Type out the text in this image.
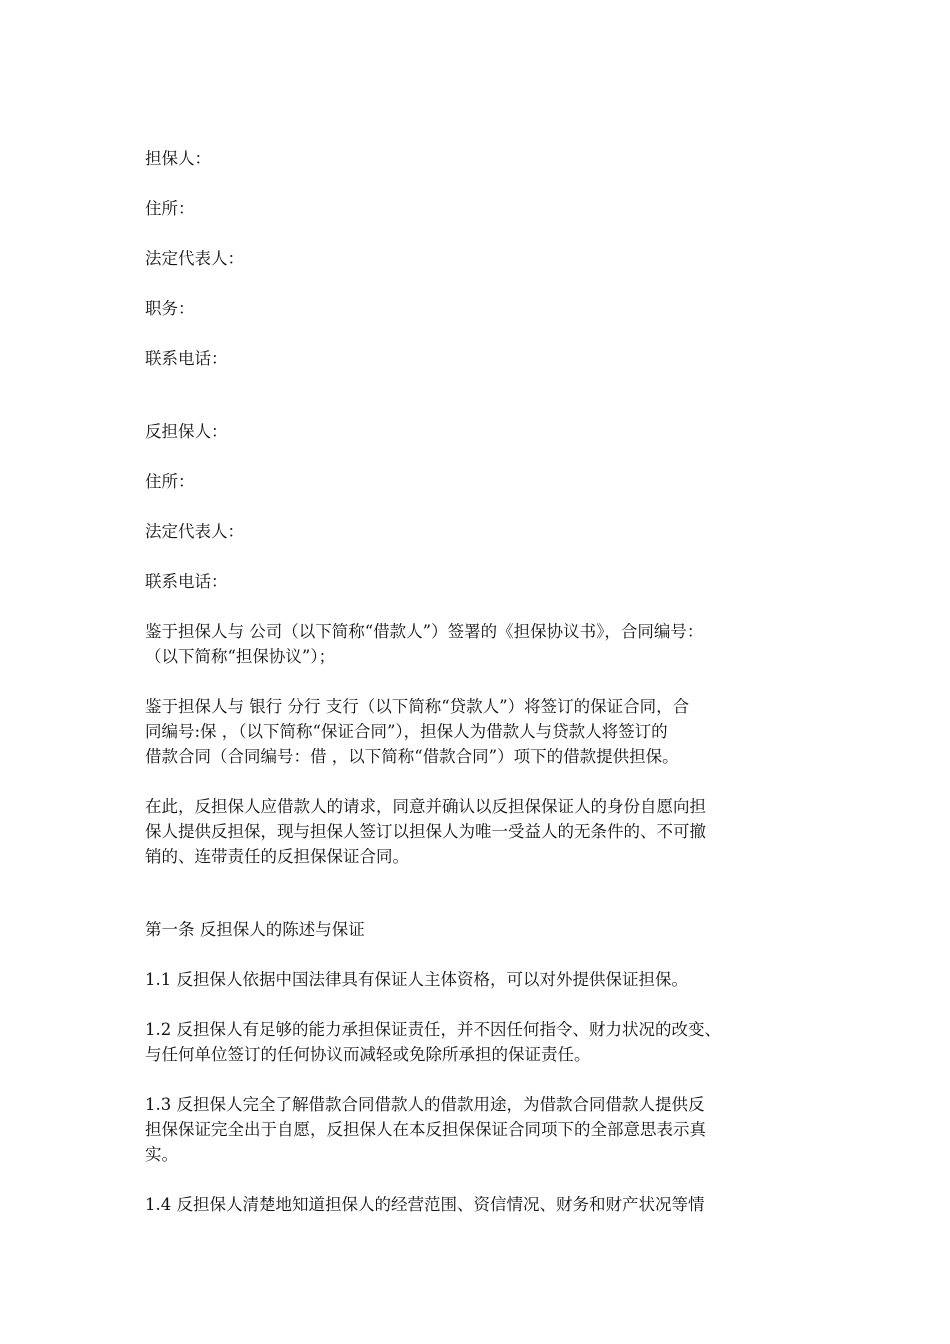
担保人：

住所：

法定代表人：

职务：

联系电话：

反担保人：

住所：

法定代表人：

联系电话：

鉴于担保人与 公司（以下简称“借款人”）签署的《担保协议书》，合同编号：
（以下简称“担保协议”）；
鉴于担保人与 银行 分行 支行（以下简称“贷款人”）将签订的保证合同，合
同编号:保 ，（以下简称“保证合同”），担保人为借款人与贷款人将签订的
借款合同（合同编号：借 ，以下简称“借款合同”）项下的借款提供担保。
在此，反担保人应借款人的请求，同意并确认以反担保保证人的身份自愿向担
保人提供反担保，现与担保人签订以担保人为唯一受益人的无条件的、不可撤
销的、连带责任的反担保保证合同。

第一条 反担保人的陈述与保证

1.1 反担保人依据中国法律具有保证人主体资格，可以对外提供保证担保。
1.2 反担保人有足够的能力承担保证责任，并不因任何指令、财力状况的改变、
与任何单位签订的任何协议而减轻或免除所承担的保证责任。
1.3 反担保人完全了解借款合同借款人的借款用途，为借款合同借款人提供反
担保保证完全出于自愿，反担保人在本反担保保证合同项下的全部意思表示真
实。
1.4 反担保人清楚地知道担保人的经营范围、资信情况、财务和财产状况等情
